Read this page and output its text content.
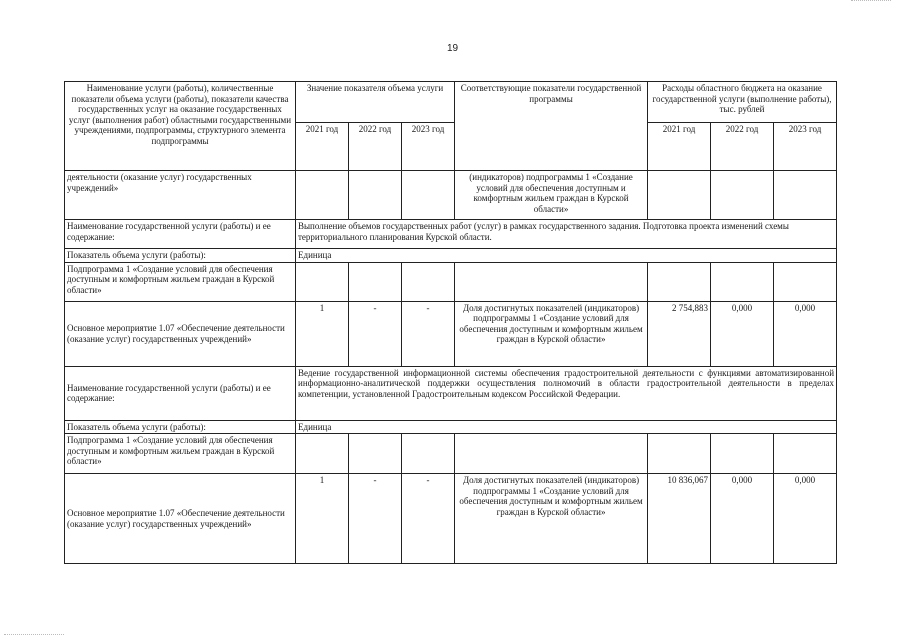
19
Наименование услуги (работы), количественные показатели объема услуги (работы), показатели качества государственных услуг на оказание государственных услуг (выполнения работ) областными государственными учреждениями, подпрограммы, структурного элемента подпрограммы	Значение показателя объема услуги			Соответствующие показатели государственной программы	Расходы областного бюджета на оказание государственной услуги (выполнение работы), тыс. рублей		
	2021 год	2022 год	2023 год		2021 год	2022 год	2023 год
деятельности (оказание услуг) государственных учреждений»				(индикаторов) подпрограммы 1 «Создание условий для обеспечения доступным и комфортным жильем граждан в Курской области»			
Наименование государственной услуги (работы) и ее содержание:	Выполнение объемов государственных работ (услуг) в рамках государственного задания. Подготовка проекта изменений схемы территориального планирования Курской области.						
Показатель объема услуги (работы):	Единица						
Подпрограмма 1 «Создание условий для обеспечения доступным и комфортным жильем граждан в Курской области»							
Основное мероприятие 1.07 «Обеспечение деятельности (оказание услуг) государственных учреждений»	1	-	-	Доля достигнутых показателей (индикаторов) подпрограммы 1 «Создание условий для обеспечения доступным и комфортным жильем граждан в Курской области»	2 754,883	0,000	0,000
Наименование государственной услуги (работы) и ее содержание:	Ведение государственной информационной системы обеспечения градостроительной деятельности с функциями автоматизированной информационно-аналитической поддержки осуществления полномочий в области градостроительной деятельности в пределах компетенции, установленной Градостроительным кодексом Российской Федерации.						
Показатель объема услуги (работы):	Единица						
Подпрограмма 1 «Создание условий для обеспечения доступным и комфортным жильем граждан в Курской области»							
Основное мероприятие 1.07 «Обеспечение деятельности (оказание услуг) государственных учреждений»	1	-	-	Доля достигнутых показателей (индикаторов) подпрограммы 1 «Создание условий для обеспечения доступным и комфортным жильем граждан в Курской области»	10 836,067	0,000	0,000
